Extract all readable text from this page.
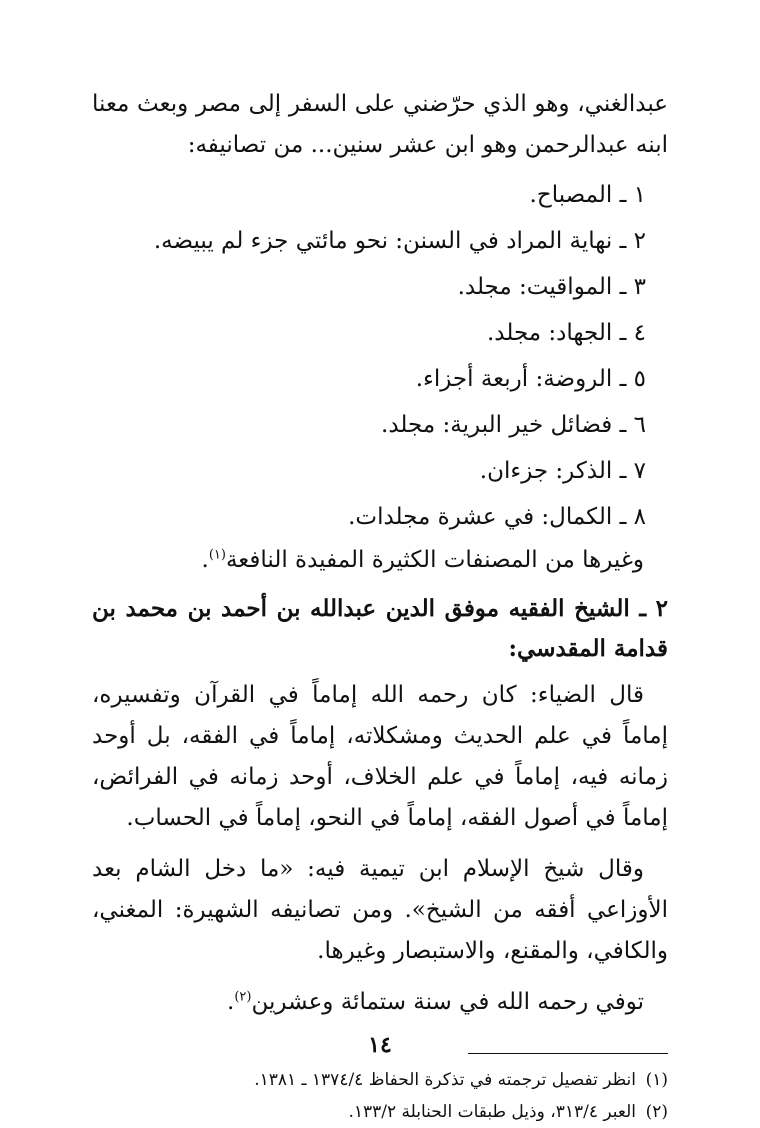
عبدالغني، وهو الذي حرّضني على السفر إلى مصر وبعث معنا ابنه عبدالرحمن وهو ابن عشر سنين... من تصانيفه:

١ ـ المصباح.
٢ ـ نهاية المراد في السنن: نحو مائتي جزء لم يبيضه.
٣ ـ المواقيت: مجلد.
٤ ـ الجهاد: مجلد.
٥ ـ الروضة: أربعة أجزاء.
٦ ـ فضائل خير البرية: مجلد.
٧ ـ الذكر: جزءان.
٨ ـ الكمال: في عشرة مجلدات.

وغيرها من المصنفات الكثيرة المفيدة النافعة$^{(١)}$.

٢ ـ الشيخ الفقيه موفق الدين عبدالله بن أحمد بن محمد بن قدامة المقدسي:

قال الضياء: كان رحمه الله إماماً في القرآن وتفسيره، إماماً في علم الحديث ومشكلاته، إماماً في الفقه، بل أوحد زمانه فيه، إماماً في علم الخلاف، أوحد زمانه في الفرائض، إماماً في أصول الفقه، إماماً في النحو، إماماً في الحساب.

وقال شيخ الإسلام ابن تيمية فيه: «ما دخل الشام بعد الأوزاعي أفقه من الشيخ». ومن تصانيفه الشهيرة: المغني، والكافي، والمقنع، والاستبصار وغيرها.

توفي رحمه الله في سنة ستمائة وعشرين$^{(٢)}$.

(١)انظر تفصيل ترجمته في تذكرة الحفاظ ١٣٧٤/٤ ـ ١٣٨١.

(٢)العبر ٣١٣/٤، وذيل طبقات الحنابلة ١٣٣/٢.

١٤
